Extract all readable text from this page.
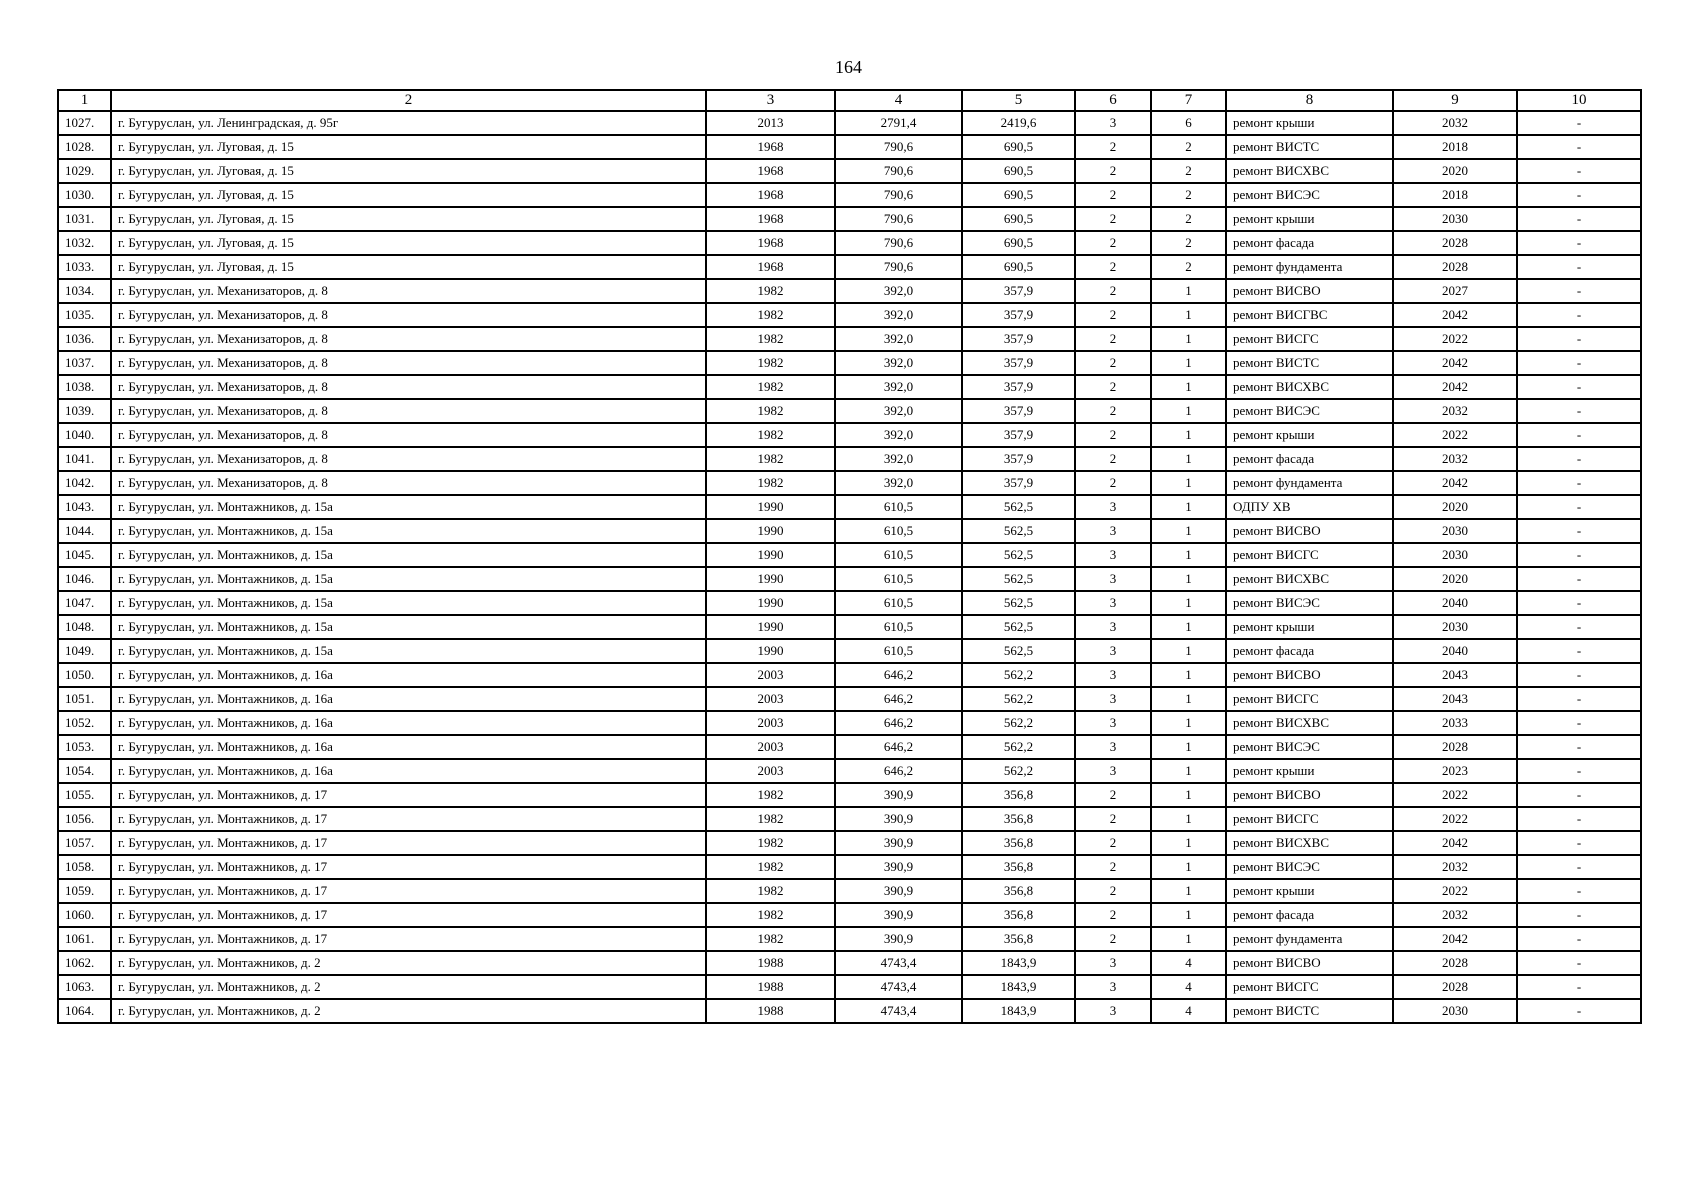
164
1	2	3	4	5	6	7	8	9	10
1027.	г. Бугуруслан, ул. Ленинградская, д. 95г	2013	2791,4	2419,6	3	6	ремонт крыши	2032	-
1028.	г. Бугуруслан, ул. Луговая, д. 15	1968	790,6	690,5	2	2	ремонт ВИСТС	2018	-
1029.	г. Бугуруслан, ул. Луговая, д. 15	1968	790,6	690,5	2	2	ремонт ВИСХВС	2020	-
1030.	г. Бугуруслан, ул. Луговая, д. 15	1968	790,6	690,5	2	2	ремонт ВИСЭС	2018	-
1031.	г. Бугуруслан, ул. Луговая, д. 15	1968	790,6	690,5	2	2	ремонт крыши	2030	-
1032.	г. Бугуруслан, ул. Луговая, д. 15	1968	790,6	690,5	2	2	ремонт фасада	2028	-
1033.	г. Бугуруслан, ул. Луговая, д. 15	1968	790,6	690,5	2	2	ремонт фундамента	2028	-
1034.	г. Бугуруслан, ул. Механизаторов, д. 8	1982	392,0	357,9	2	1	ремонт ВИСВО	2027	-
1035.	г. Бугуруслан, ул. Механизаторов, д. 8	1982	392,0	357,9	2	1	ремонт ВИСГВС	2042	-
1036.	г. Бугуруслан, ул. Механизаторов, д. 8	1982	392,0	357,9	2	1	ремонт ВИСГС	2022	-
1037.	г. Бугуруслан, ул. Механизаторов, д. 8	1982	392,0	357,9	2	1	ремонт ВИСТС	2042	-
1038.	г. Бугуруслан, ул. Механизаторов, д. 8	1982	392,0	357,9	2	1	ремонт ВИСХВС	2042	-
1039.	г. Бугуруслан, ул. Механизаторов, д. 8	1982	392,0	357,9	2	1	ремонт ВИСЭС	2032	-
1040.	г. Бугуруслан, ул. Механизаторов, д. 8	1982	392,0	357,9	2	1	ремонт крыши	2022	-
1041.	г. Бугуруслан, ул. Механизаторов, д. 8	1982	392,0	357,9	2	1	ремонт фасада	2032	-
1042.	г. Бугуруслан, ул. Механизаторов, д. 8	1982	392,0	357,9	2	1	ремонт фундамента	2042	-
1043.	г. Бугуруслан, ул. Монтажников, д. 15а	1990	610,5	562,5	3	1	ОДПУ ХВ	2020	-
1044.	г. Бугуруслан, ул. Монтажников, д. 15а	1990	610,5	562,5	3	1	ремонт ВИСВО	2030	-
1045.	г. Бугуруслан, ул. Монтажников, д. 15а	1990	610,5	562,5	3	1	ремонт ВИСГС	2030	-
1046.	г. Бугуруслан, ул. Монтажников, д. 15а	1990	610,5	562,5	3	1	ремонт ВИСХВС	2020	-
1047.	г. Бугуруслан, ул. Монтажников, д. 15а	1990	610,5	562,5	3	1	ремонт ВИСЭС	2040	-
1048.	г. Бугуруслан, ул. Монтажников, д. 15а	1990	610,5	562,5	3	1	ремонт крыши	2030	-
1049.	г. Бугуруслан, ул. Монтажников, д. 15а	1990	610,5	562,5	3	1	ремонт фасада	2040	-
1050.	г. Бугуруслан, ул. Монтажников, д. 16а	2003	646,2	562,2	3	1	ремонт ВИСВО	2043	-
1051.	г. Бугуруслан, ул. Монтажников, д. 16а	2003	646,2	562,2	3	1	ремонт ВИСГС	2043	-
1052.	г. Бугуруслан, ул. Монтажников, д. 16а	2003	646,2	562,2	3	1	ремонт ВИСХВС	2033	-
1053.	г. Бугуруслан, ул. Монтажников, д. 16а	2003	646,2	562,2	3	1	ремонт ВИСЭС	2028	-
1054.	г. Бугуруслан, ул. Монтажников, д. 16а	2003	646,2	562,2	3	1	ремонт крыши	2023	-
1055.	г. Бугуруслан, ул. Монтажников, д. 17	1982	390,9	356,8	2	1	ремонт ВИСВО	2022	-
1056.	г. Бугуруслан, ул. Монтажников, д. 17	1982	390,9	356,8	2	1	ремонт ВИСГС	2022	-
1057.	г. Бугуруслан, ул. Монтажников, д. 17	1982	390,9	356,8	2	1	ремонт ВИСХВС	2042	-
1058.	г. Бугуруслан, ул. Монтажников, д. 17	1982	390,9	356,8	2	1	ремонт ВИСЭС	2032	-
1059.	г. Бугуруслан, ул. Монтажников, д. 17	1982	390,9	356,8	2	1	ремонт крыши	2022	-
1060.	г. Бугуруслан, ул. Монтажников, д. 17	1982	390,9	356,8	2	1	ремонт фасада	2032	-
1061.	г. Бугуруслан, ул. Монтажников, д. 17	1982	390,9	356,8	2	1	ремонт фундамента	2042	-
1062.	г. Бугуруслан, ул. Монтажников, д. 2	1988	4743,4	1843,9	3	4	ремонт ВИСВО	2028	-
1063.	г. Бугуруслан, ул. Монтажников, д. 2	1988	4743,4	1843,9	3	4	ремонт ВИСГС	2028	-
1064.	г. Бугуруслан, ул. Монтажников, д. 2	1988	4743,4	1843,9	3	4	ремонт ВИСТС	2030	-
